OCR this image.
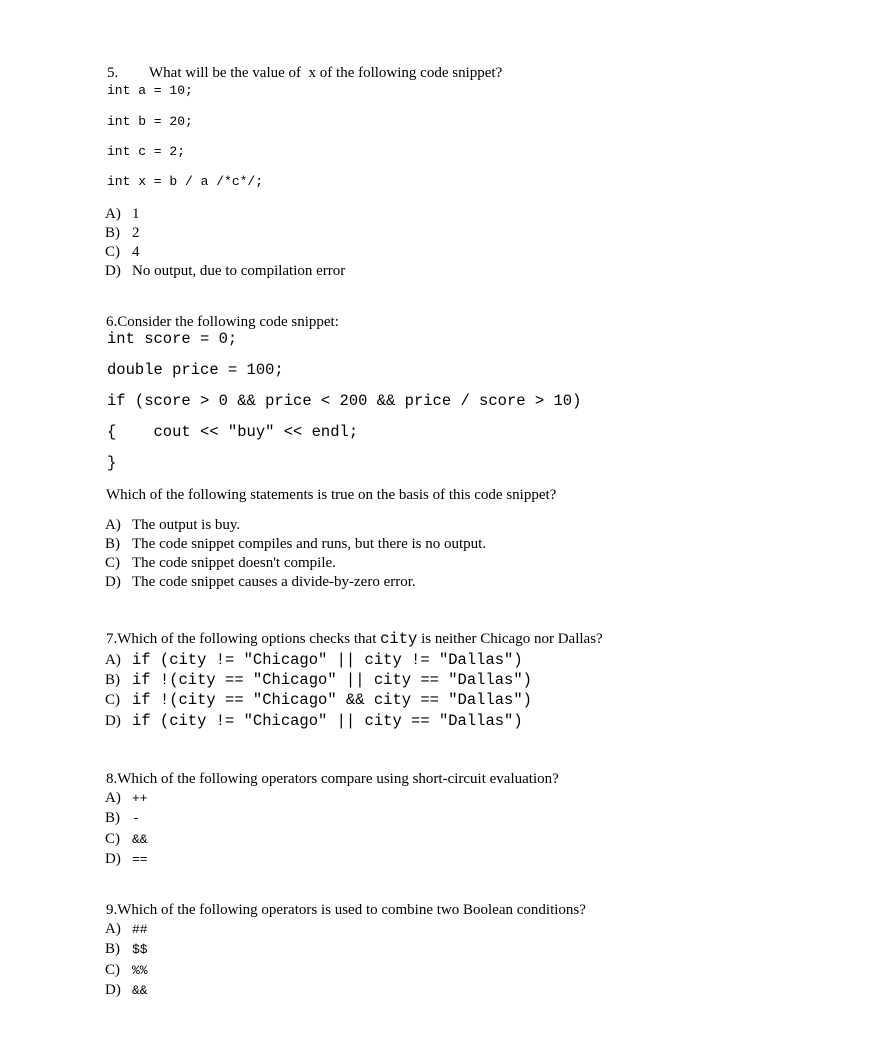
5. What will be the value of  x of the following code snippet?
int a = 10;
int b = 20;
int c = 2;
int x = b / a /*c*/;
A) 1
B) 2
C) 4
D) No output, due to compilation error
6.Consider the following code snippet:
int score = 0;
double price = 100;
if (score > 0 && price < 200 && price / score > 10)
{    cout << "buy" << endl;
}
Which of the following statements is true on the basis of this code snippet?
A) The output is buy.
B) The code snippet compiles and runs, but there is no output.
C) The code snippet doesn't compile.
D) The code snippet causes a divide-by-zero error.
7.Which of the following options checks that city is neither Chicago nor Dallas?
A) if (city != "Chicago" || city != "Dallas")
B) if !(city == "Chicago" || city == "Dallas")
C) if !(city == "Chicago" && city == "Dallas")
D) if (city != "Chicago" || city == "Dallas")
8.Which of the following operators compare using short-circuit evaluation?
A) ++
B) -
C) &&
D) ==
9.Which of the following operators is used to combine two Boolean conditions?
A) ##
B) $$
C) %%
D) &&
